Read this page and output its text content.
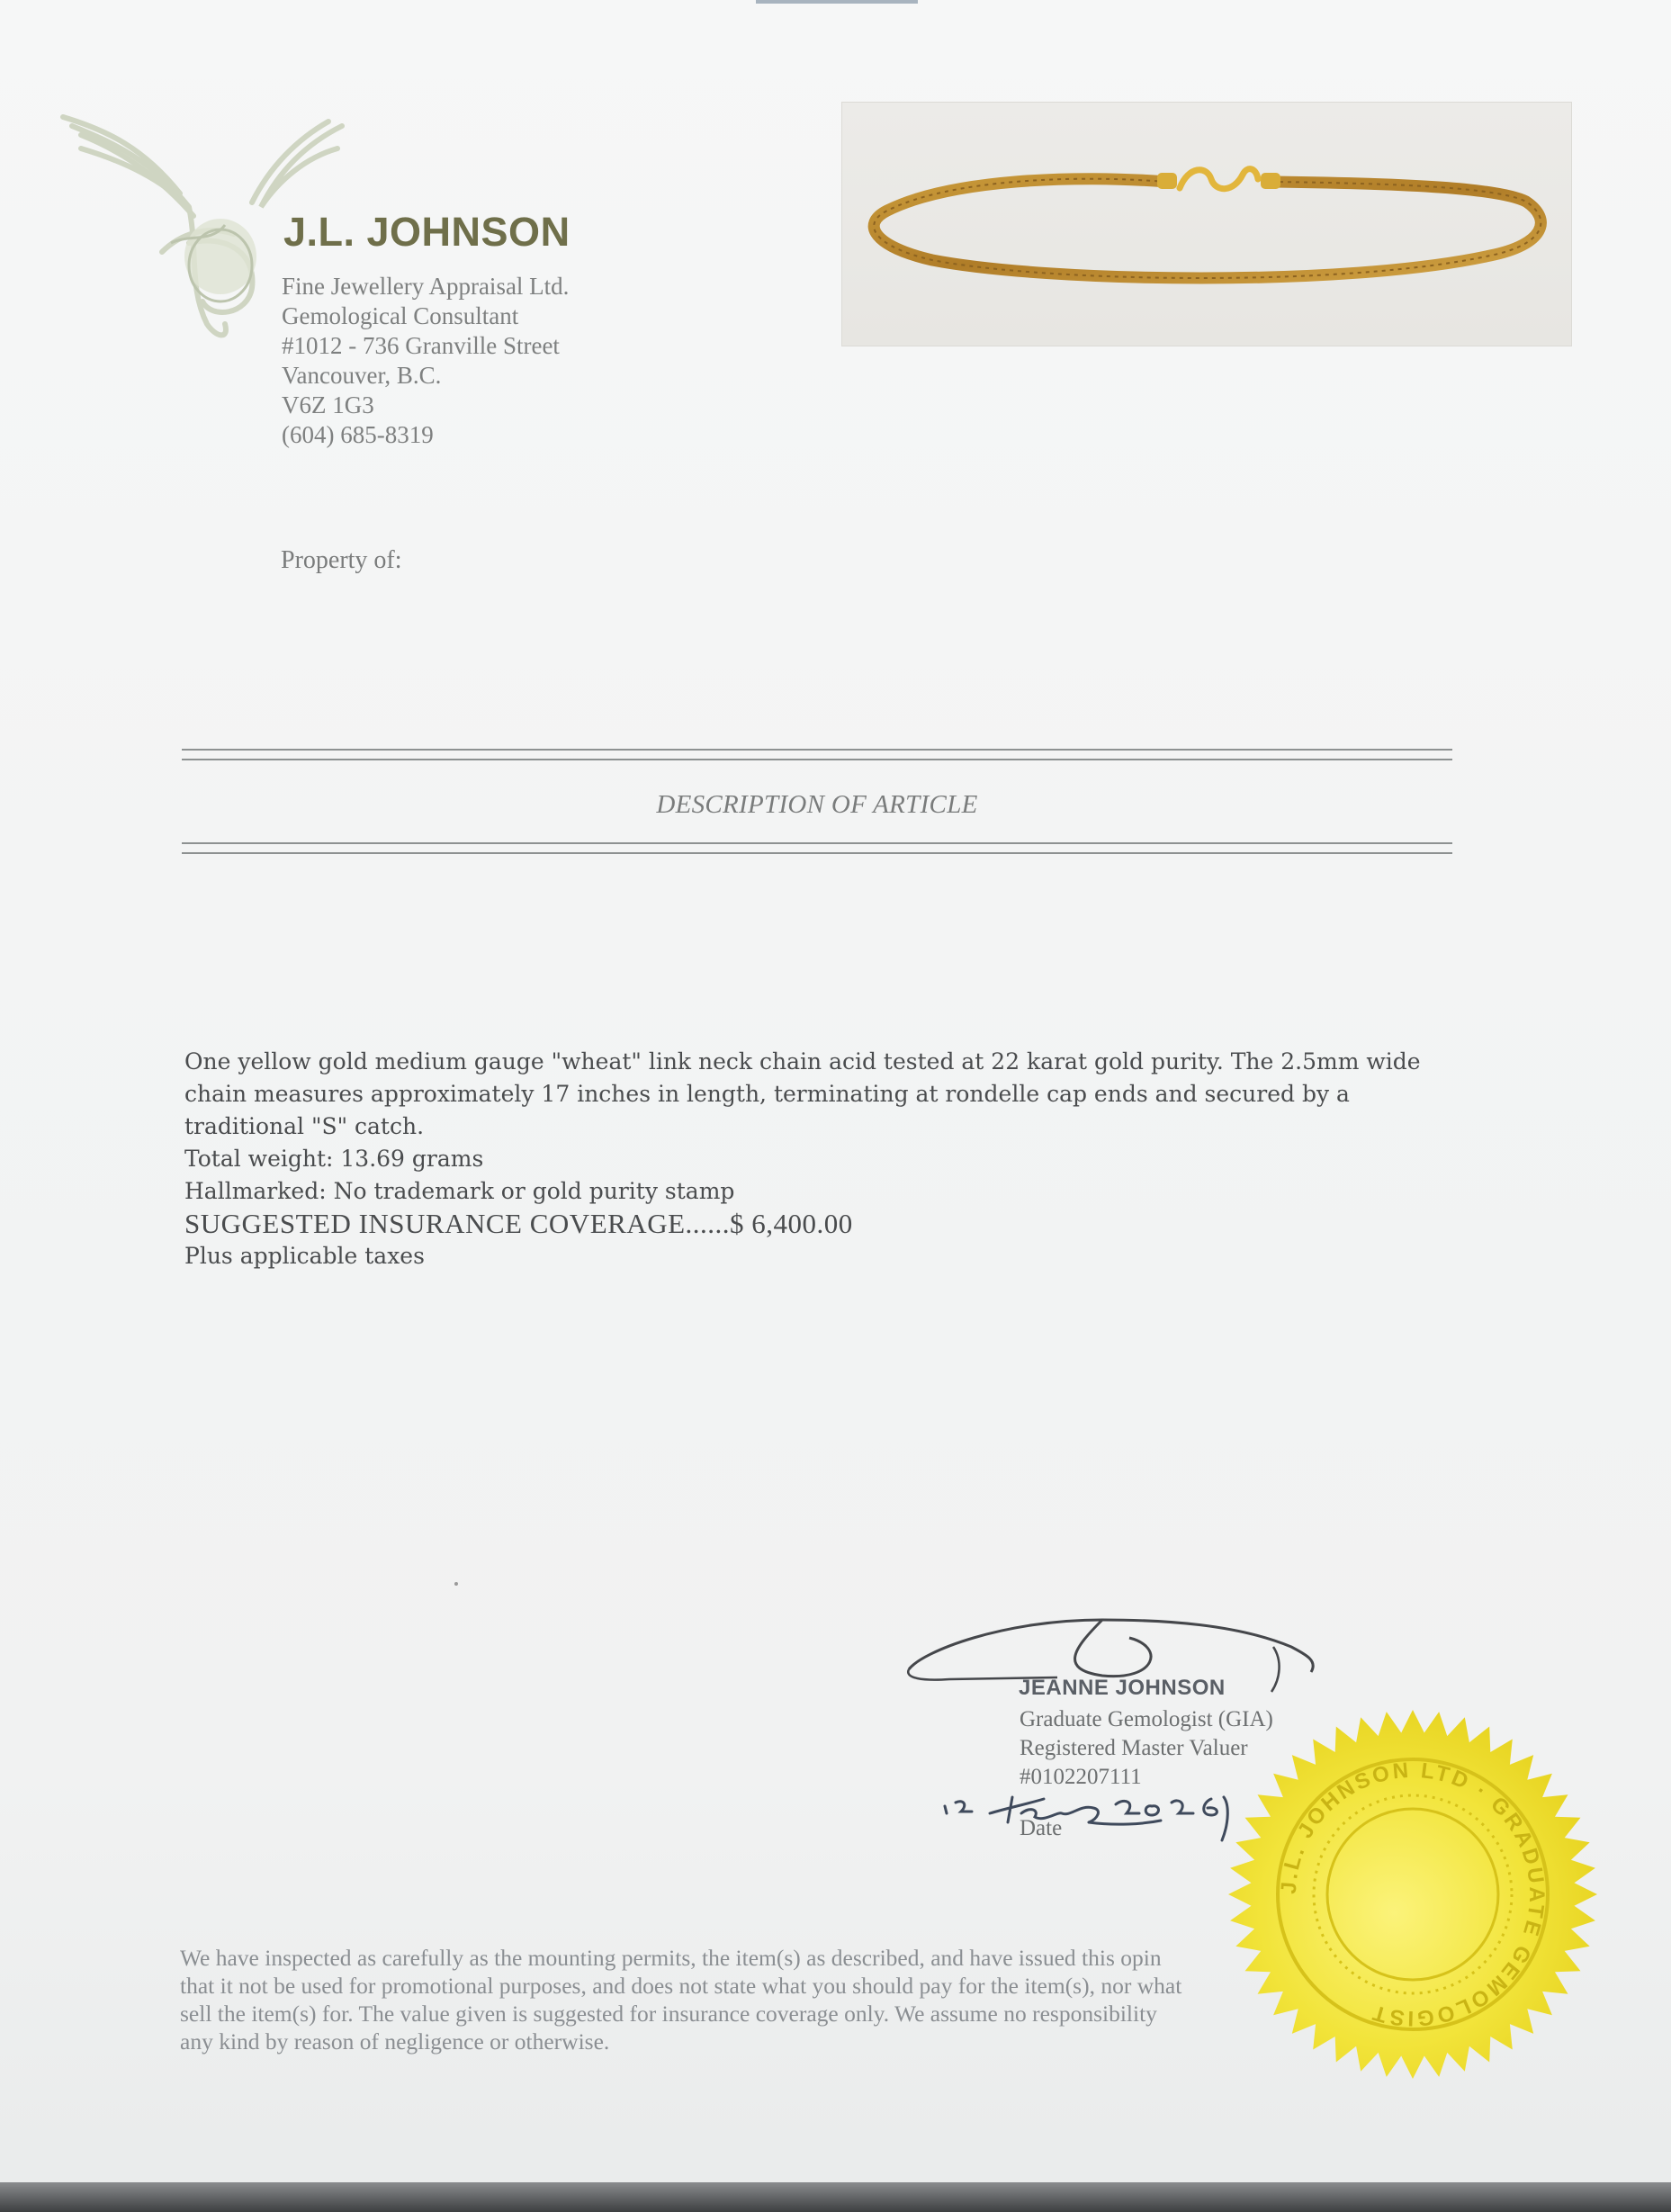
J.L. JOHNSON
Fine Jewellery Appraisal Ltd.
Gemological Consultant
#1012 - 736 Granville Street
Vancouver, B.C.
V6Z 1G3
(604) 685-8319
Property of:
DESCRIPTION OF ARTICLE
One yellow gold medium gauge "wheat" link neck chain acid tested at 22 karat gold purity. The 2.5mm wide chain measures approximately 17 inches in length, terminating at rondelle cap ends and secured by a traditional "S" catch.
Total weight: 13.69 grams
Hallmarked: No trademark or gold purity stamp
SUGGESTED INSURANCE COVERAGE......$ 6,400.00
Plus applicable taxes
JEANNE JOHNSON
Graduate Gemologist (GIA)
Registered Master Valuer
#0102207111
Date
We have inspected as carefully as the mounting permits, the item(s) as described, and have issued this opin
that it not be used for promotional purposes, and does not state what you should pay for the item(s), nor what
sell the item(s) for. The value given is suggested for insurance coverage only. We assume no responsibility
any kind by reason of negligence or otherwise.
J.L. JOHNSON LTD · GRADUATE GEMOLOGIST
